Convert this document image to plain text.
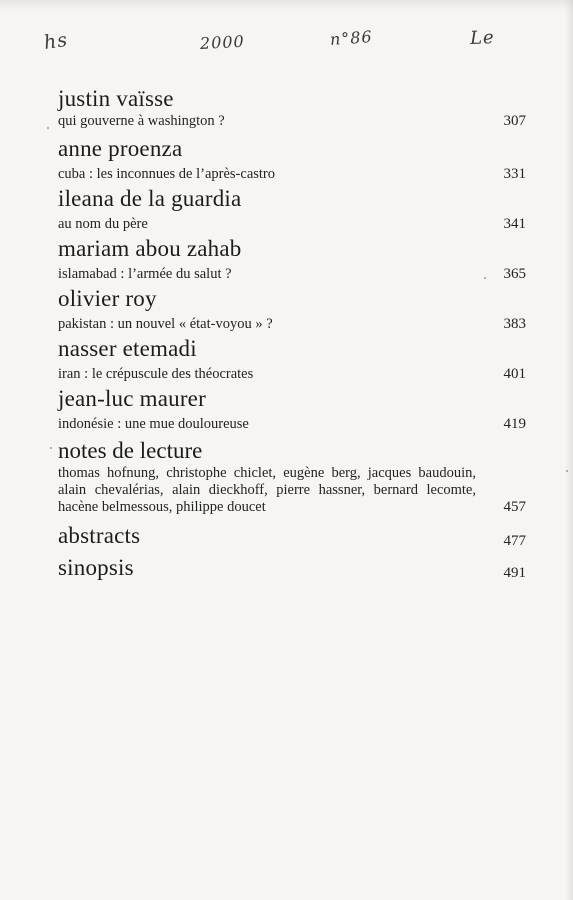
hs	2000	n°86	Le
justin vaïsse
qui gouverne à washington ?	307
anne proenza
cuba : les inconnues de l’après-castro	331
ileana de la guardia
au nom du père	341
mariam abou zahab
islamabad : l’armée du salut ?	365
olivier roy
pakistan : un nouvel « état-voyou » ?	383
nasser etemadi
iran : le crépuscule des théocrates	401
jean-luc maurer
indonésie : une mue douloureuse	419
notes de lecture
thomas hofnung, christophe chiclet, eugène berg, jacques baudouin, alain chevalérias, alain dieckhoff, pierre hassner, bernard lecomte, hacène belmessous, philippe doucet	457
abstracts	477
sinopsis	491
